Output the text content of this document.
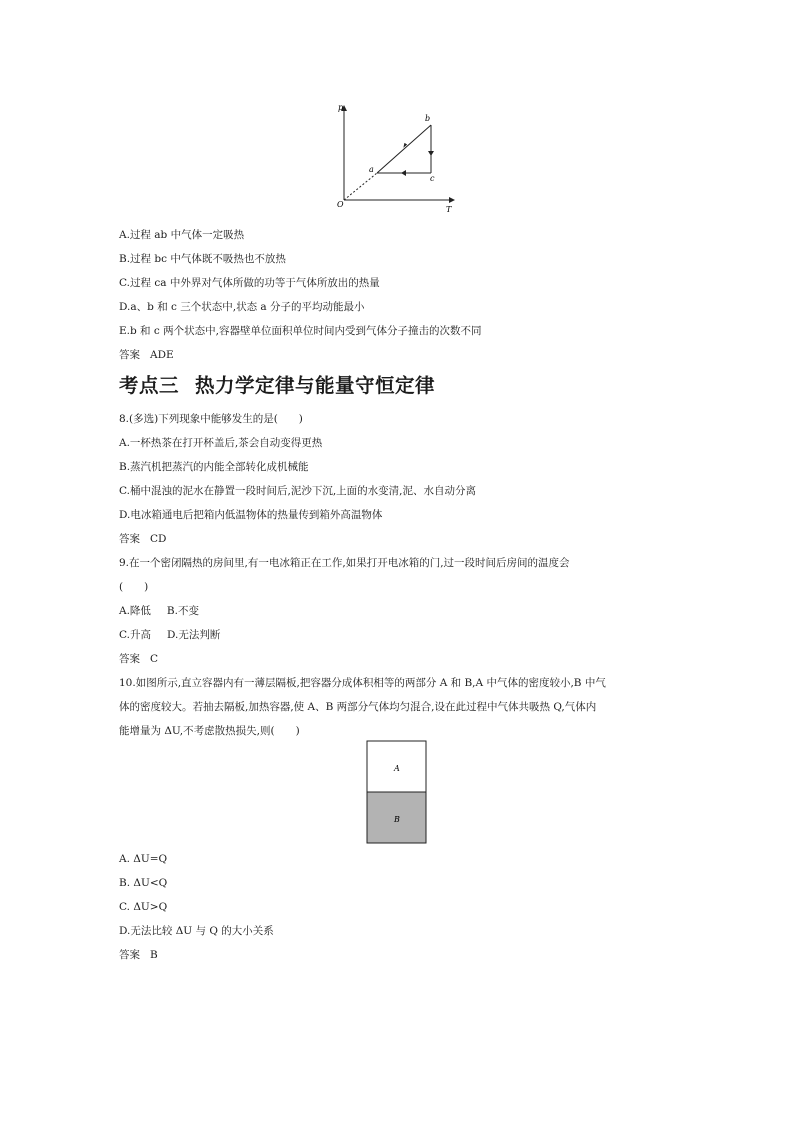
p
T
O
a
b
c
A.过程 ab 中气体一定吸热
B.过程 bc 中气体既不吸热也不放热
C.过程 ca 中外界对气体所做的功等于气体所放出的热量
D.a、b 和 c 三个状态中,状态 a 分子的平均动能最小
E.b 和 c 两个状态中,容器壁单位面积单位时间内受到气体分子撞击的次数不同
答案 ADE
考点三 热力学定律与能量守恒定律
8.(多选)下列现象中能够发生的是(　　)
A.一杯热茶在打开杯盖后,茶会自动变得更热
B.蒸汽机把蒸汽的内能全部转化成机械能
C.桶中混浊的泥水在静置一段时间后,泥沙下沉,上面的水变清,泥、水自动分离
D.电冰箱通电后把箱内低温物体的热量传到箱外高温物体
答案 CD
9.在一个密闭隔热的房间里,有一电冰箱正在工作,如果打开电冰箱的门,过一段时间后房间的温度会
(　　)
A.降低 B.不变
C.升高 D.无法判断
答案 C
10.如图所示,直立容器内有一薄层隔板,把容器分成体积相等的两部分 A 和 B,A 中气体的密度较小,B 中气
体的密度较大。若抽去隔板,加热容器,使 A、B 两部分气体均匀混合,设在此过程中气体共吸热 Q,气体内
能增量为 ΔU,不考虑散热损失,则(　　)
A
B
A. ΔU=Q
B. ΔU<Q
C. ΔU>Q
D.无法比较 ΔU 与 Q 的大小关系
答案 B
